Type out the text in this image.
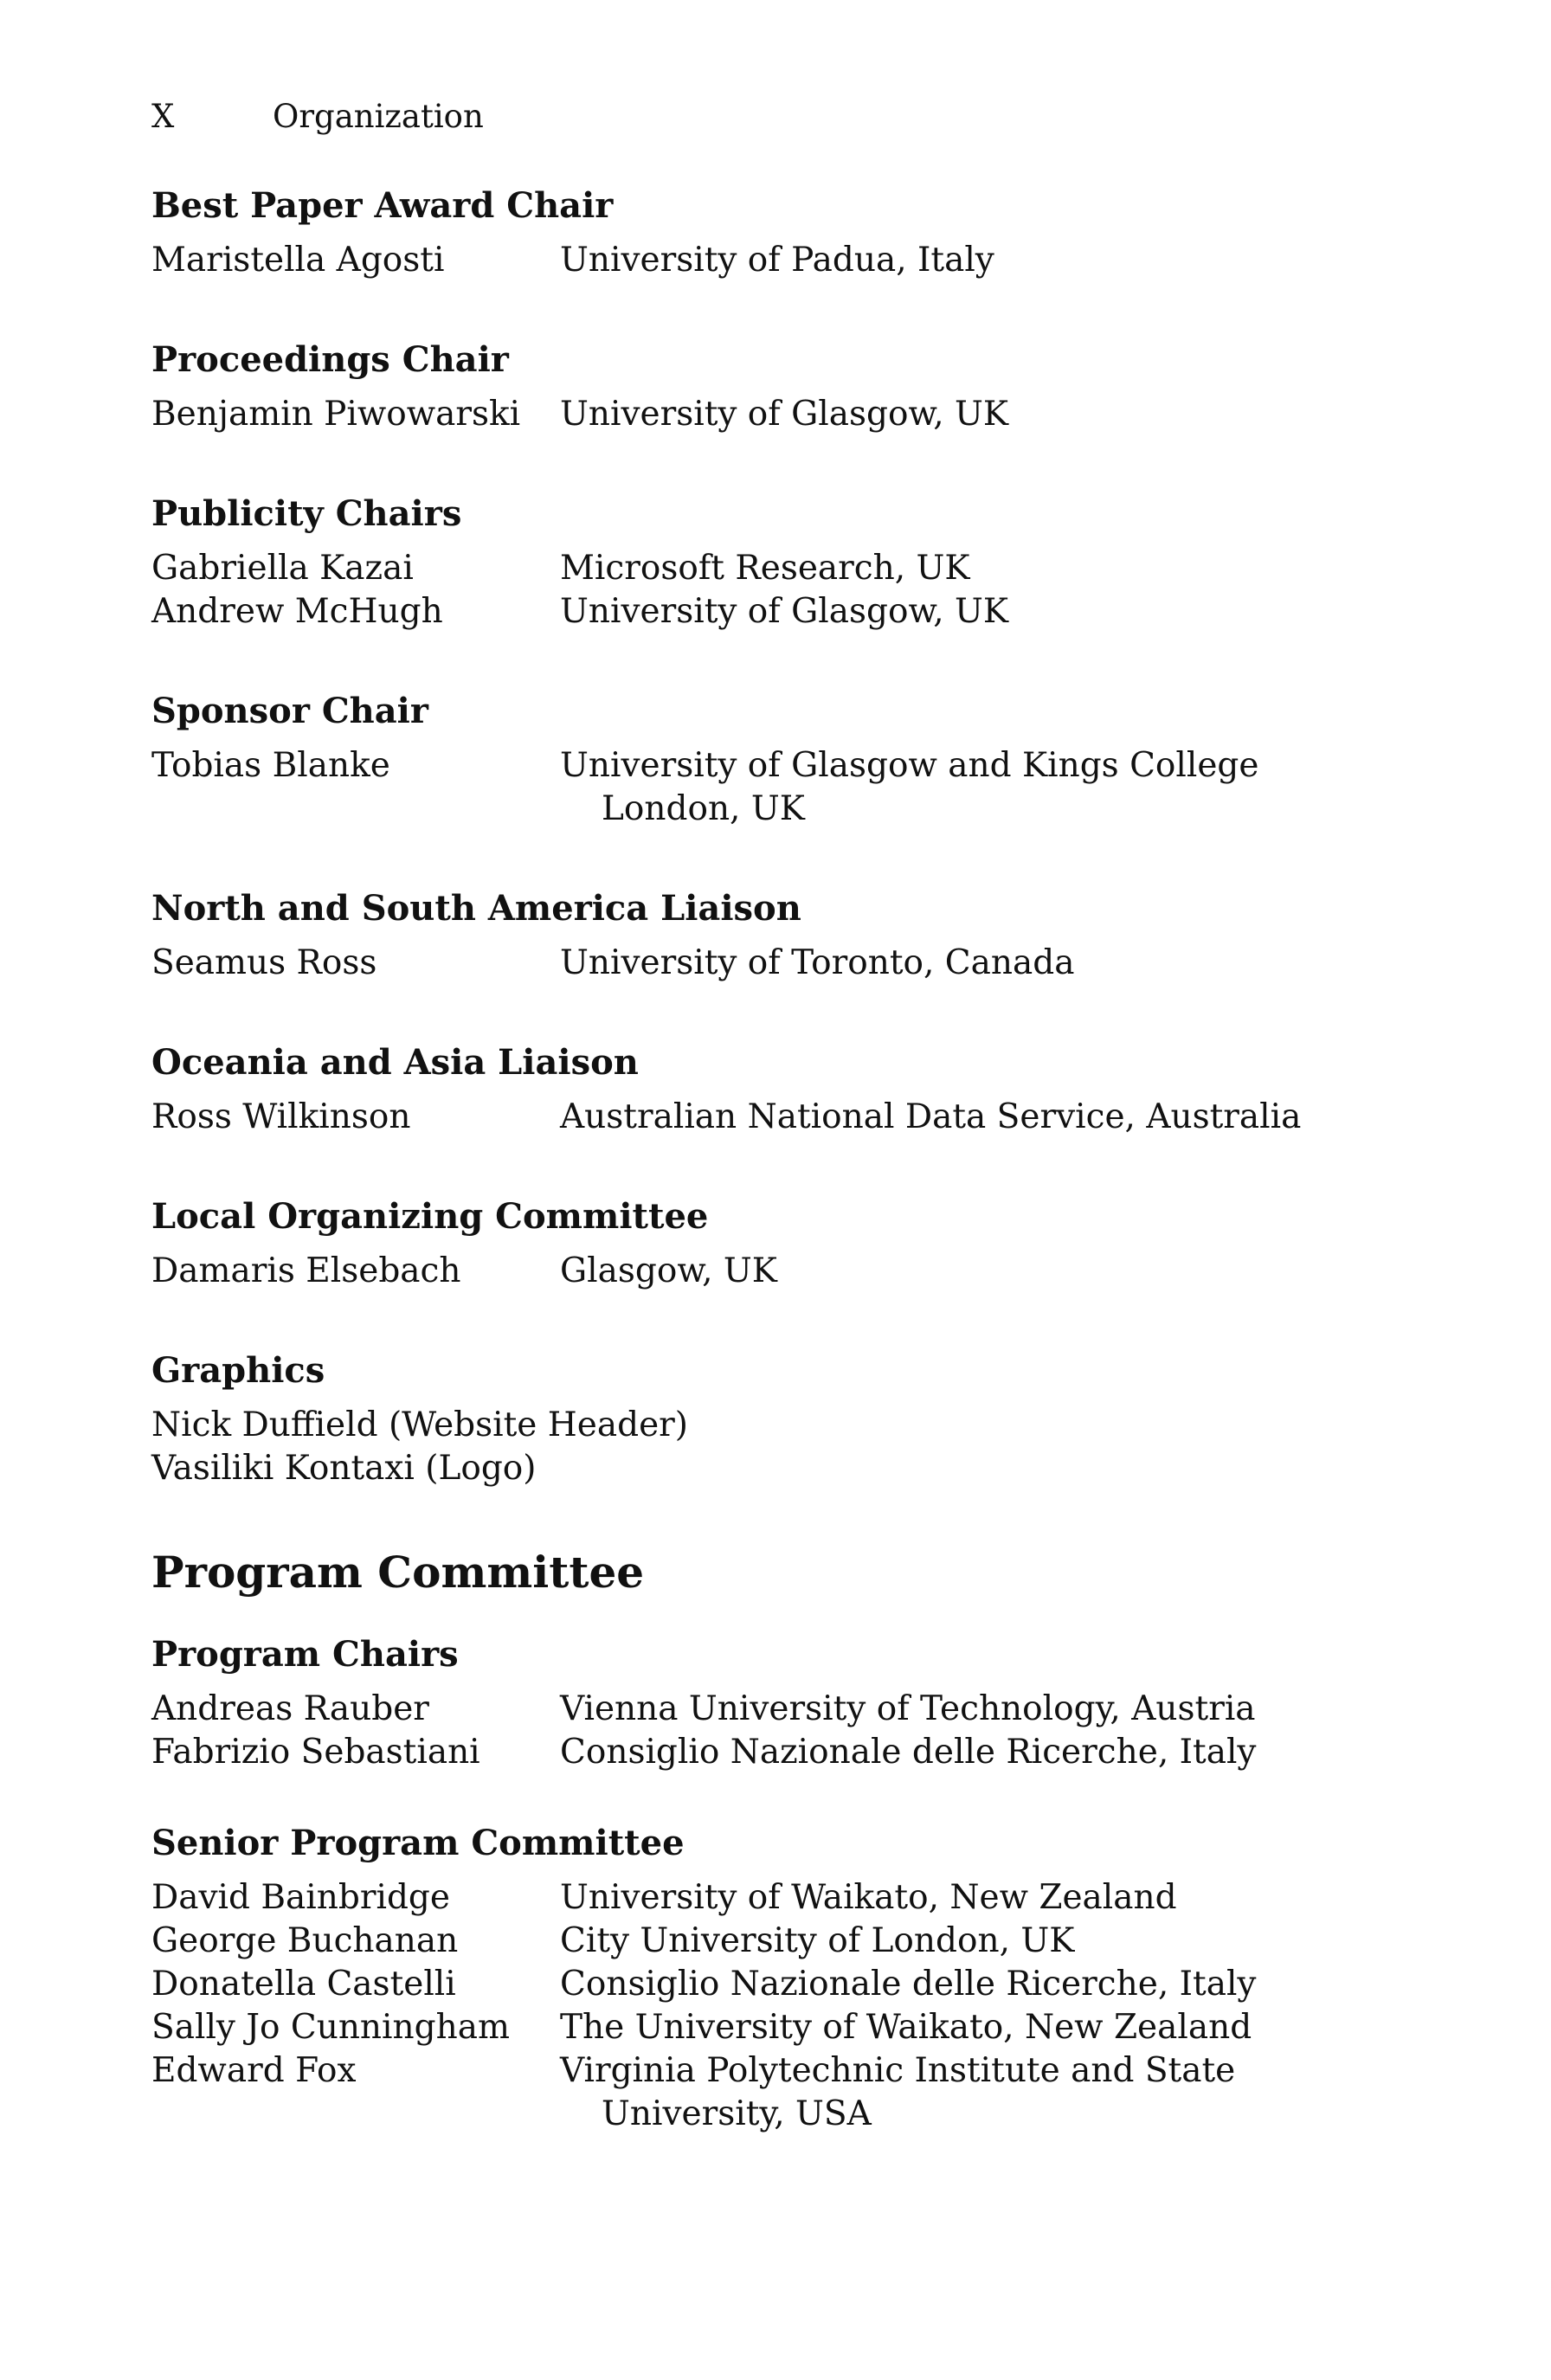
X	Organization
Best Paper Award Chair
Maristella Agosti	University of Padua, Italy
Proceedings Chair
Benjamin Piwowarski	University of Glasgow, UK
Publicity Chairs
Gabriella Kazai	Microsoft Research, UK
Andrew McHugh	University of Glasgow, UK
Sponsor Chair
Tobias Blanke	University of Glasgow and Kings College London, UK
North and South America Liaison
Seamus Ross	University of Toronto, Canada
Oceania and Asia Liaison
Ross Wilkinson	Australian National Data Service, Australia
Local Organizing Committee
Damaris Elsebach	Glasgow, UK
Graphics
Nick Duffield (Website Header)
Vasiliki Kontaxi (Logo)
Program Committee
Program Chairs
Andreas Rauber	Vienna University of Technology, Austria
Fabrizio Sebastiani	Consiglio Nazionale delle Ricerche, Italy
Senior Program Committee
David Bainbridge	University of Waikato, New Zealand
George Buchanan	City University of London, UK
Donatella Castelli	Consiglio Nazionale delle Ricerche, Italy
Sally Jo Cunningham	The University of Waikato, New Zealand
Edward Fox	Virginia Polytechnic Institute and State University, USA
